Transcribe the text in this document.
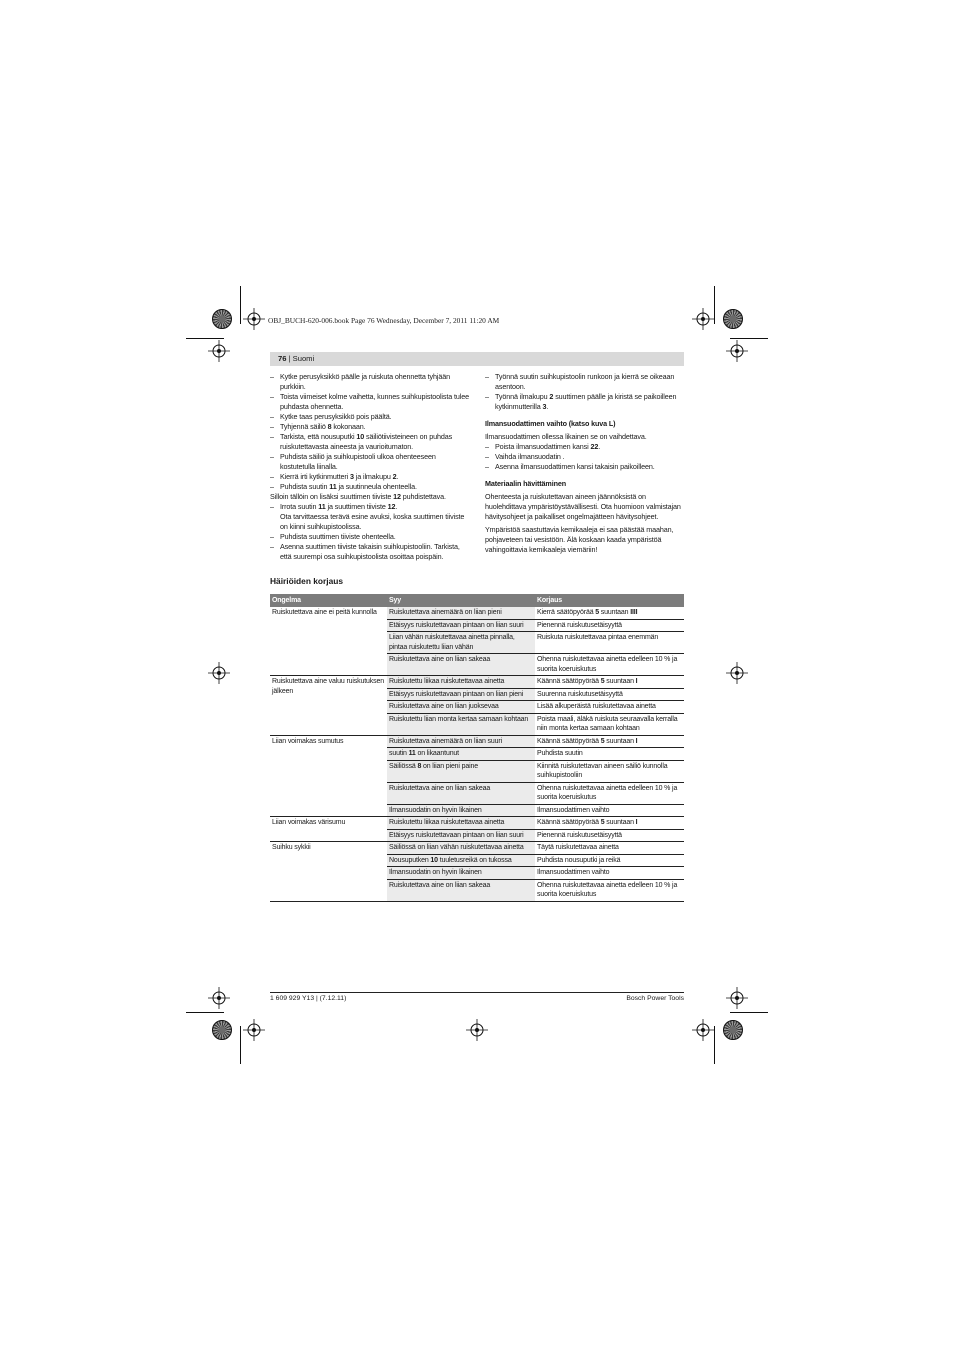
OBJ_BUCH-620-006.book Page 76 Wednesday, December 7, 2011 11:20 AM
76 | Suomi

– Kytke perusyksikkö päälle ja ruiskuta ohennetta tyhjään purkkiin.

– Toista viimeiset kolme vaihetta, kunnes suihkupistoolista tulee puhdasta ohennetta.

– Kytke taas perusyksikkö pois päältä.

– Tyhjennä säiliö 8 kokonaan.

– Tarkista, että nousuputki 10 säiliötiivisteineen on puhdas ruiskutettavasta aineesta ja vaurioitumaton.

– Puhdista säiliö ja suihkupistooli ulkoa ohenteeseen kostutetulla liinalla.

– Kierrä irti kytkinmutteri 3 ja ilmakupu 2.

– Puhdista suutin 11 ja suutinneula ohenteella.

Silloin tällöin on lisäksi suuttimen tiiviste 12 puhdistettava.

– Irrota suutin 11 ja suuttimen tiiviste 12.

Ota tarvittaessa terävä esine avuksi, koska suuttimen tiiviste on kiinni suihkupistoolissa.

– Puhdista suuttimen tiiviste ohenteella.

– Asenna suuttimen tiiviste takaisin suihkupistooliin. Tarkista, että suurempi osa suihkupistoolista osoittaa poispäin.

– Työnnä suutin suihkupistoolin runkoon ja kierrä se oikeaan asentoon.

– Työnnä ilmakupu 2 suuttimen päälle ja kiristä se paikoilleen kytkinmutterilla 3.

Ilmansuodattimen vaihto (katso kuva L)

Ilmansuodattimen ollessa likainen se on vaihdettava.

– Poista ilmansuodattimen kansi 22.

– Vaihda ilmansuodatin .

– Asenna ilmansuodattimen kansi takaisin paikoilleen.

Materiaalin hävittäminen

Ohenteesta ja ruiskutettavan aineen jäännöksistä on huolehdittava ympäristöystävällisesti. Ota huomioon valmistajan hävitysohjeet ja paikalliset ongelmajätteen hävitysohjeet.

Ympäristöä saastuttavia kemikaaleja ei saa päästää maahan, pohjaveteen tai vesistöön. Älä koskaan kaada ympäristöä vahingoittavia kemikaaleja viemäriin!

Häiriöiden korjaus
Ongelma	Syy	Korjaus
Ruiskutettava aine ei peitä kunnolla	Ruiskutettava ainemäärä on liian pieni	Kierrä säätöpyörää 5 suuntaan IIII
	Etäisyys ruiskutettavaan pintaan on liian suuri	Pienennä ruiskutusetäisyyttä
	Liian vähän ruiskutettavaa ainetta pinnalla, pintaa ruiskutettu liian vähän	Ruiskuta ruiskutettavaa pintaa enemmän
	Ruiskutettava aine on liian sakeaa	Ohenna ruiskutettavaa ainetta edelleen 10 % ja suorita koeruiskutus
Ruiskutettava aine valuu ruiskutuksen jälkeen	Ruiskutettu liikaa ruiskutettavaa ainetta	Käännä säätöpyörää 5 suuntaan I
	Etäisyys ruiskutettavaan pintaan on liian pieni	Suurenna ruiskutusetäisyyttä
	Ruiskutettava aine on liian juoksevaa	Lisää alkuperäistä ruiskutettavaa ainetta
	Ruiskutettu liian monta kertaa samaan kohtaan	Poista maali, äläkä ruiskuta seuraavalla kerralla niin monta kertaa samaan kohtaan
Liian voimakas sumutus	Ruiskutettava ainemäärä on liian suuri	Käännä säätöpyörää 5 suuntaan I
	suutin 11 on likaantunut	Puhdista suutin
	Säiliössä 8 on liian pieni paine	Kiinnitä ruiskutettavan aineen säiliö kunnolla suihkupistooliin
	Ruiskutettava aine on liian sakeaa	Ohenna ruiskutettavaa ainetta edelleen 10 % ja suorita koeruiskutus
	Ilmansuodatin on hyvin likainen	Ilmansuodattimen vaihto
Liian voimakas värisumu	Ruiskutettu liikaa ruiskutettavaa ainetta	Käännä säätöpyörää 5 suuntaan I
	Etäisyys ruiskutettavaan pintaan on liian suuri	Pienennä ruiskutusetäisyyttä
Suihku sykkii	Säiliössä on liian vähän ruiskutettavaa ainetta	Täytä ruiskutettavaa ainetta
	Nousuputken 10 tuuletusreikä on tukossa	Puhdista nousuputki ja reikä
	Ilmansuodatin on hyvin likainen	Ilmansuodattimen vaihto
	Ruiskutettava aine on liian sakeaa	Ohenna ruiskutettavaa ainetta edelleen 10 % ja suorita koeruiskutus
1 609 929 Y13 | (7.12.11)	Bosch Power Tools
